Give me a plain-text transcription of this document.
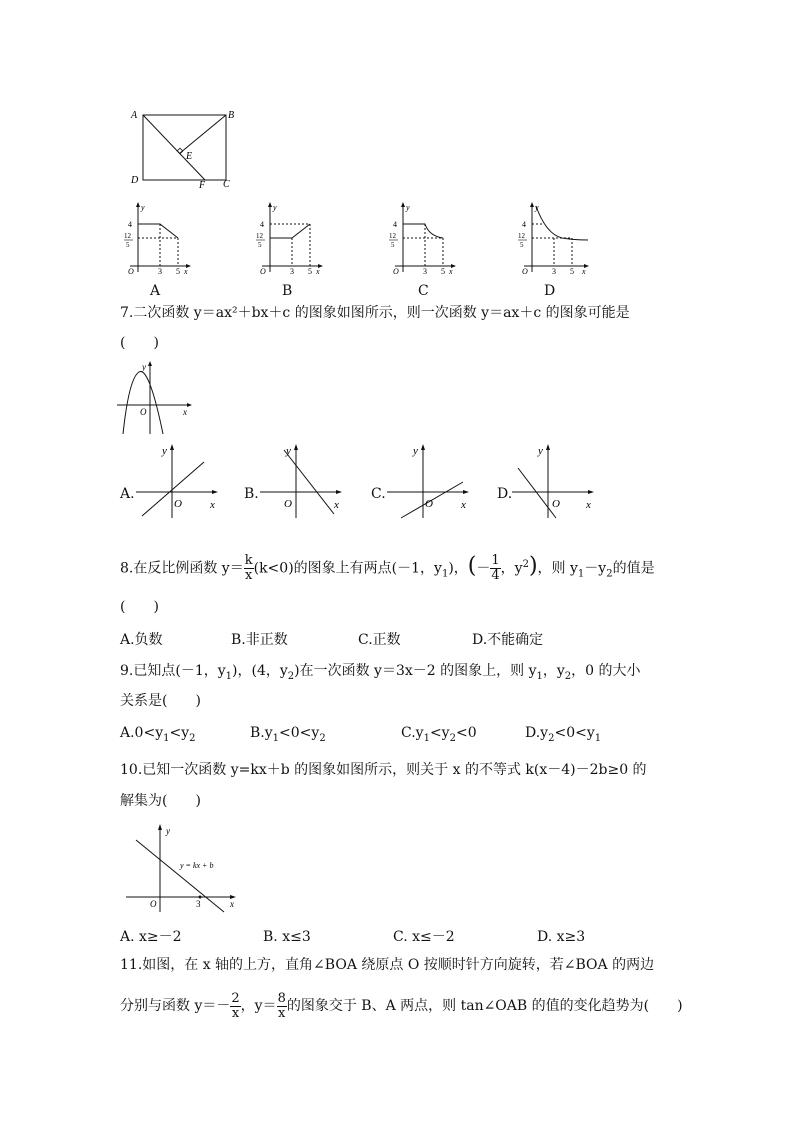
A	B
C
D
E
F
y
4
12
5
O	3 5 x
y
4
12
5
O	3 5 x
y
4
12
5
O	3 5 x
y
4
12
5
O	3 5 x
A	B	C	D
7.二次函数 y＝ax²＋bx＋c 的图象如图所示，则一次函数 y＝ax＋c 的图象可能是
(　　)
y
O	x
A.
y
O	x
B.
y
O	x
C.
y
O	x
D.
y
O x
8.在反比例函数 $y= \frac{k}{x} (k<0)$的图象上有两点(－1，$y_1$)，(－ $\frac{1}{4}$ ，$y^2$)，则 $y_1-y_2$的值是
(　　)
A.负数	B.非正数	C.正数	D.不能确定
9.已知点(－1，$y_1$)，(4，$y_2$)在一次函数 y＝3x－2 的图象上，则 $y_1$，$y_2$，0 的大小
关系是(　　)
$A.0<y_1<y_2$	$B.y_1<0<y_2$	$C.y_1<y_2<0$	$D.y_2<0<y_1$
10.已知一次函数 y=kx＋b 的图象如图所示，则关于 x 的不等式 k(x－4)－2b≥0 的
解集为(　　)
y
O	3	x
y = kx + b
A. x≥－2	B. x≤3	C. x≤－2	D. x≥3
11.如图，在 x 轴的上方，直角∠BOA 绕原点 O 按顺时针方向旋转，若∠BOA 的两边
分别与函数 $y=- \frac{2}{x}$ ，$y= \frac{8}{x}$ 的图象交于 B、A 两点，则 tan∠OAB 的值的变化趋势为(　　)
